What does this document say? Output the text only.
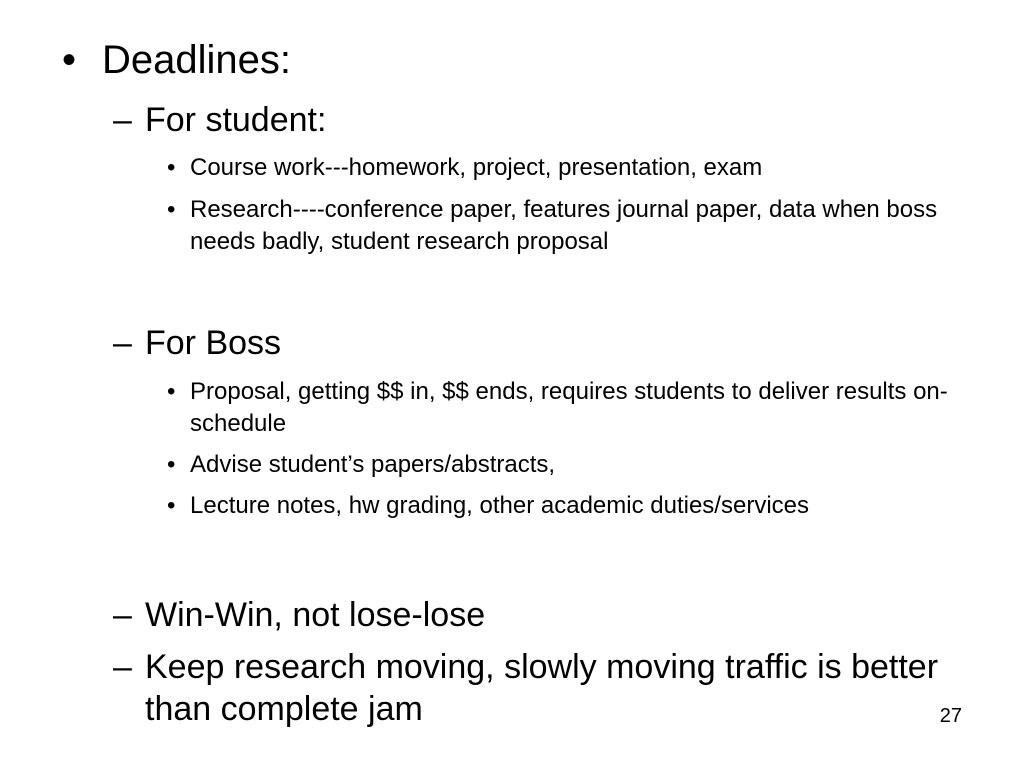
• Deadlines:
– For student:
• Course work---homework, project, presentation, exam
• Research----conference paper, features journal paper, data when boss needs badly, student research proposal
– For Boss
• Proposal, getting $$ in, $$ ends, requires students to deliver results on-schedule
• Advise student’s papers/abstracts,
• Lecture notes, hw grading, other academic duties/services
– Win-Win, not lose-lose
– Keep research moving, slowly moving traffic is better than complete jam	27
